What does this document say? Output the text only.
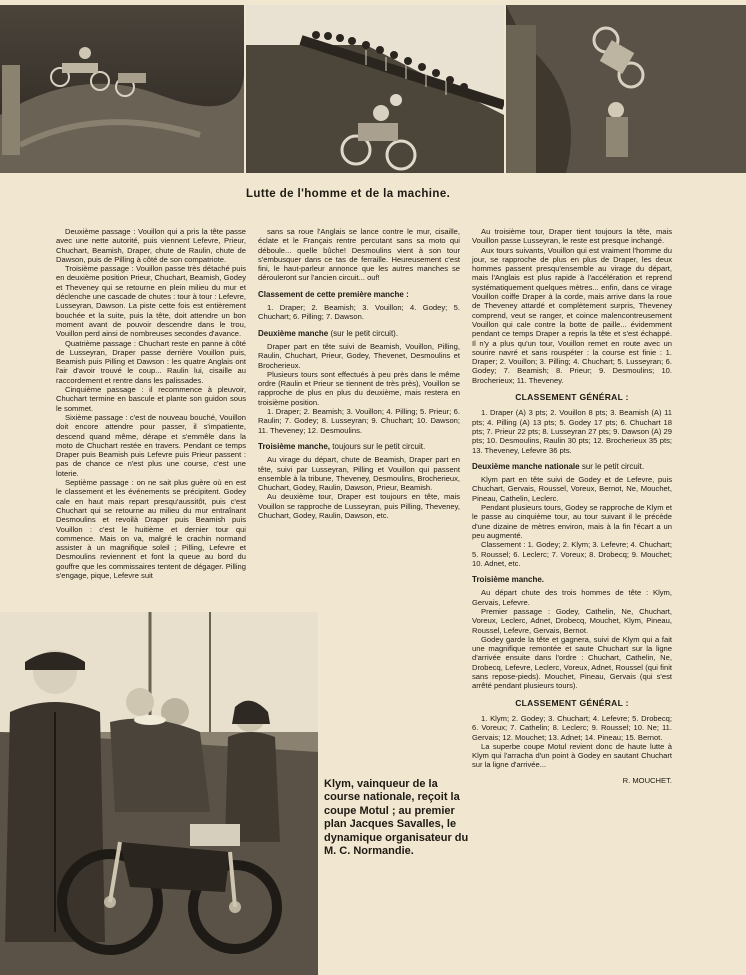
Lutte de l'homme et de la machine.

Deuxième passage : Vouillon qui a pris la tête passe avec une nette autorité, puis viennent Lefevre, Prieur, Chuchart, Beamish, Draper, chute de Raulin, chute de Dawson, puis de Pilling à côté de son compatriote.

Troisième passage : Vouillon passe très détaché puis en deuxième position Prieur, Chuchart, Beamish, Godey et Theveney qui se retourne en plein milieu du mur et déclenche une cascade de chutes : tour à tour : Lefevre, Lusseyran, Dawson. La piste cette fois est entièrement bouchée et la suite, puis la tête, doit attendre un bon moment avant de pouvoir descendre dans le trou, Vouillon perd ainsi de nombreuses secondes d'avance.

Quatrième passage : Chuchart reste en panne à côté de Lusseyran, Draper passe derrière Vouillon puis, Beamish puis Pilling et Dawson : les quatre Anglais ont l'air d'avoir trouvé le coup... Raulin lui, cisaille au raccordement et rentre dans les palissades.

Cinquième passage : il recommence à pleuvoir, Chuchart termine en bascule et plante son guidon sous le sommet.

Sixième passage : c'est de nouveau bouché, Vouillon doit encore attendre pour passer, il s'impatiente, descend quand même, dérape et s'emmêle dans la moto de Chuchart restée en travers. Pendant ce temps Draper puis Beamish puis Lefevre puis Prieur passent : pas de chance ce n'est plus une course, c'est une loterie.

Septième passage : on ne sait plus guère où en est le classement et les événements se précipitent. Godey cale en haut mais repart presqu'aussitôt, puis c'est Chuchart qui se retourne au milieu du mur entraînant Desmoulins et revoilà Draper puis Beamish puis Vouillon : c'est le huitième et dernier tour qui commence. Mais on va, malgré le crachin normand assister à un magnifique soleil ; Pilling, Lefevre et Desmoulins reviennent et font la queue au bord du gouffre que les commissaires tentent de dégager. Pilling s'engage, pique, Lefevre suit

sans sa roue l'Anglais se lance contre le mur, cisaille, éclate et le Français rentre percutant sans sa moto qui déboule... quelle bûche! Desmoulins vient à son tour s'embusquer dans ce tas de ferraille. Heureusement c'est fini, le haut-parleur annonce que les autres manches se dérouleront sur l'ancien circuit... ouf!

Classement de cette première manche :

1. Draper; 2. Beamish; 3. Vouillon; 4. Godey; 5. Chuchart; 6. Pilling; 7. Dawson.

Deuxième manche (sur le petit circuit).

Draper part en tête suivi de Beamish, Vouillon, Pilling, Raulin, Chuchart, Prieur, Godey, Thevenet, Desmoulins et Brocherieux.

Plusieurs tours sont effectués à peu près dans le même ordre (Raulin et Prieur se tiennent de très près), Vouillon se rapproche de plus en plus du deuxième, mais restera en troisième position.

1. Draper; 2. Beamish; 3. Vouillon; 4. Pilling; 5. Prieur; 6. Raulin; 7. Godey; 8. Lusseyran; 9. Chuchart; 10. Dawson; 11. Theveney; 12. Desmoulins.

Troisième manche, toujours sur le petit circuit.

Au virage du départ, chute de Beamish, Draper part en tête, suivi par Lusseyran, Pilling et Vouillon qui passent ensemble à la tribune, Theveney, Desmoulins, Brocherieux, Chuchart, Godey, Raulin, Dawson, Prieur, Beamish.

Au deuxième tour, Draper est toujours en tête, mais Vouillon se rapproche de Lusseyran, puis Pilling, Theveney, Chuchart, Godey, Raulin, Dawson, etc.

Au troisième tour, Draper tient toujours la tête, mais Vouillon passe Lusseyran, le reste est presque inchangé.

Aux tours suivants, Vouillon qui est vraiment l'homme du jour, se rapproche de plus en plus de Draper, les deux hommes passent presqu'ensemble au virage du départ, mais l'Anglais est plus rapide à l'accélération et reprend systématiquement quelques mètres... enfin, dans ce virage Vouillon coiffe Draper à la corde, mais arrive dans la roue de Theveney attardé et complètement surpris, Theveney comprend, veut se ranger, et coince malencontreusement Vouillon qui cale contre la botte de paille... évidemment pendant ce temps Draper a repris la tête et s'est échappé. Il n'y a plus qu'un tour, Vouillon remet en route avec un sourire navré et sans rouspéter : la course est finie : 1. Draper; 2. Vouillon; 3. Pilling; 4. Chuchart; 5. Lusseyran; 6. Godey; 7. Beamish; 8. Prieur; 9. Desmoulins; 10. Brocherieux; 11. Theveney.

CLASSEMENT GÉNÉRAL :

1. Draper (A) 3 pts; 2. Vouillon 8 pts; 3. Beamish (A) 11 pts; 4. Pilling (A) 13 pts; 5. Godey 17 pts; 6. Chuchart 18 pts; 7. Prieur 22 pts; 8. Lusseyran 27 pts; 9. Dawson (A) 29 pts; 10. Desmoulins, Raulin 30 pts; 12. Brocherieux 35 pts; 13. Theveney, Lefevre 36 pts.

Deuxième manche nationale sur le petit circuit.

Klym part en tête suivi de Godey et de Lefevre, puis Chuchart, Gervais, Roussel, Voreux, Bernot, Ne, Mouchet, Pineau, Cathelin, Leclerc.

Pendant plusieurs tours, Godey se rapproche de Klym et le passe au cinquième tour, au tour suivant il le précède d'une dizaine de mètres environ, mais à la fin l'écart a un peu augmenté.

Classement : 1. Godey; 2. Klym; 3. Lefevre; 4. Chuchart; 5. Roussel; 6. Leclerc; 7. Voreux; 8. Drobecq; 9. Mouchet; 10. Adnet, etc.

Troisième manche.

Au départ chute des trois hommes de tête : Klym, Gervais, Lefevre.

Premier passage : Godey, Cathelin, Ne, Chuchart, Voreux, Leclerc, Adnet, Drobecq, Mouchet, Klym, Pineau, Roussel, Lefevre, Gervais, Bernot.

Godey garde la tête et gagnera, suivi de Klym qui a fait une magnifique remontée et saute Chuchart sur la ligne d'arrivée ensuite dans l'ordre : Chuchart, Cathelin, Ne, Drobecq, Lefevre, Leclerc, Voreux, Adnet, Roussel (qui finit sans repose-pieds). Mouchet, Pineau, Gervais (qui s'est arrêté pendant plusieurs tours).

CLASSEMENT GÉNÉRAL :

1. Klym; 2. Godey; 3. Chuchart; 4. Lefevre; 5. Drobecq; 6. Voreux; 7. Cathelin; 8. Leclerc; 9. Roussel; 10. Ne; 11. Gervais; 12. Mouchet; 13. Adnet; 14. Pineau; 15. Bernot.

La superbe coupe Motul revient donc de haute lutte à Klym qui l'arracha d'un point à Godey en sautant Chuchart sur la ligne d'arrivée...

R. MOUCHET.
Klym, vainqueur de la course nationale, reçoit la coupe Motul ; au premier plan Jacques Savalles, le dynamique organisateur du M. C. Normandie.
